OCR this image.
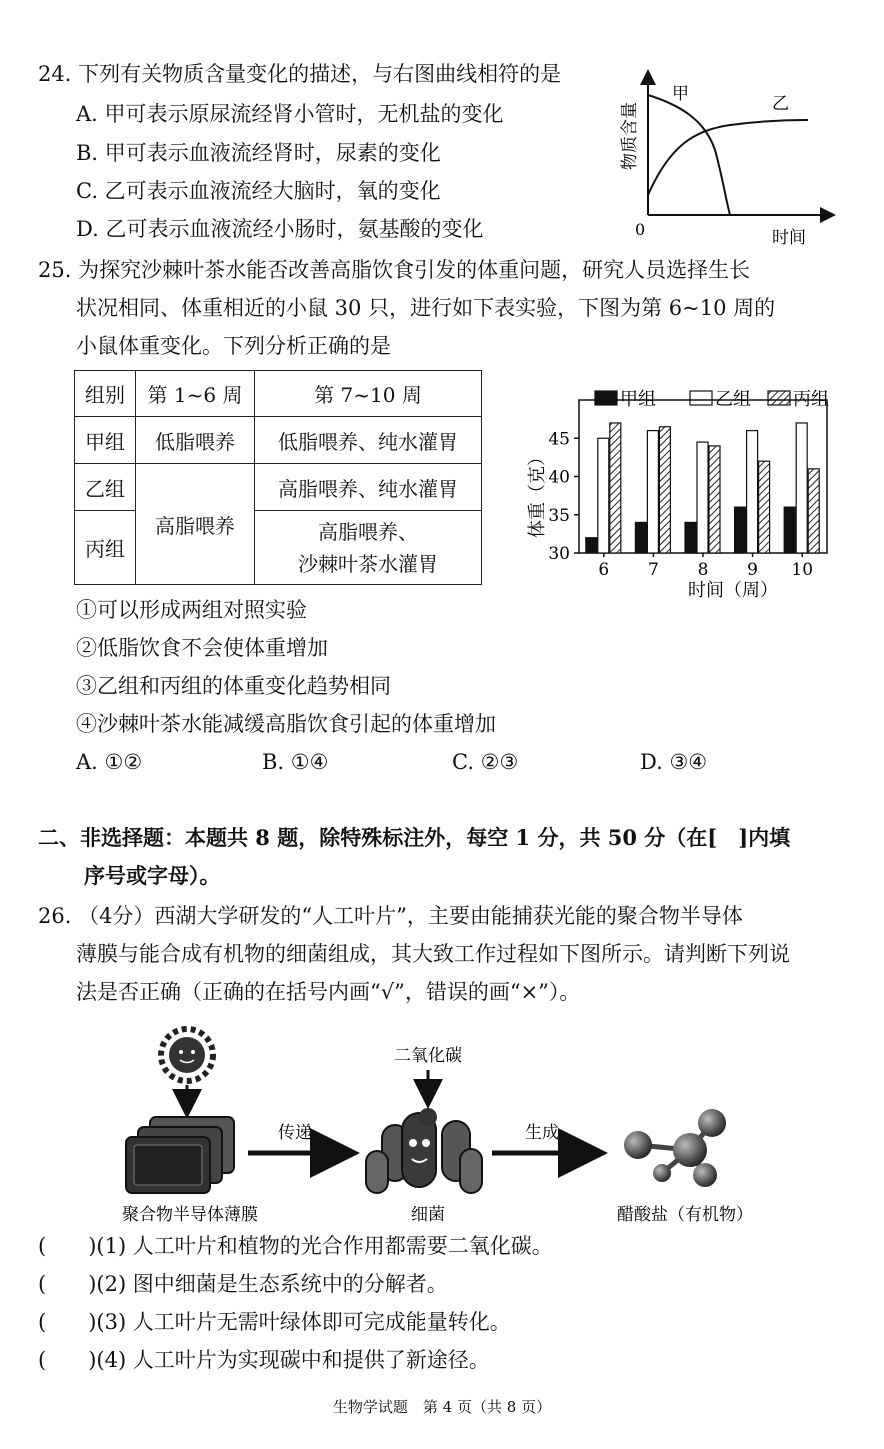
24. 下列有关物质含量变化的描述，与右图曲线相符的是
A. 甲可表示原尿流经肾小管时，无机盐的变化
B. 甲可表示血液流经肾时，尿素的变化
C. 乙可表示血液流经大脑时，氧的变化
D. 乙可表示血液流经小肠时，氨基酸的变化
甲	乙
0	时间
物质含量
25. 为探究沙棘叶茶水能否改善高脂饮食引发的体重问题，研究人员选择生长
状况相同、体重相近的小鼠 30 只，进行如下表实验，下图为第 6~10 周的
小鼠体重变化。下列分析正确的是
组别	第 1~6 周	第 7~10 周
甲组	低脂喂养	低脂喂养、纯水灌胃
乙组	高脂喂养	高脂喂养、纯水灌胃
丙组		高脂喂养、
沙棘叶茶水灌胃
甲组	乙组 丙组
30
35
40
45
6 7 8 9 10
体重（克）
时间（周）
①可以形成两组对照实验
②低脂饮食不会使体重增加
③乙组和丙组的体重变化趋势相同
④沙棘叶茶水能减缓高脂饮食引起的体重增加
A. ①②	B. ①④	C. ②③	D. ③④
二、非选择题：本题共 8 题，除特殊标注外，每空 1 分，共 50 分（在[　]内填
序号或字母）。
26. （4分）西湖大学研发的“人工叶片”，主要由能捕获光能的聚合物半导体
薄膜与能合成有机物的细菌组成，其大致工作过程如下图所示。请判断下列说
法是否正确（正确的在括号内画“√”，错误的画“×”）。
聚合物半导体薄膜
传递
二氧化碳
细菌
生成
醋酸盐（有机物）
(　　)(1) 人工叶片和植物的光合作用都需要二氧化碳。
(　　)(2) 图中细菌是生态系统中的分解者。
(　　)(3) 人工叶片无需叶绿体即可完成能量转化。
(　　)(4) 人工叶片为实现碳中和提供了新途径。
生物学试题　第 4 页（共 8 页）
